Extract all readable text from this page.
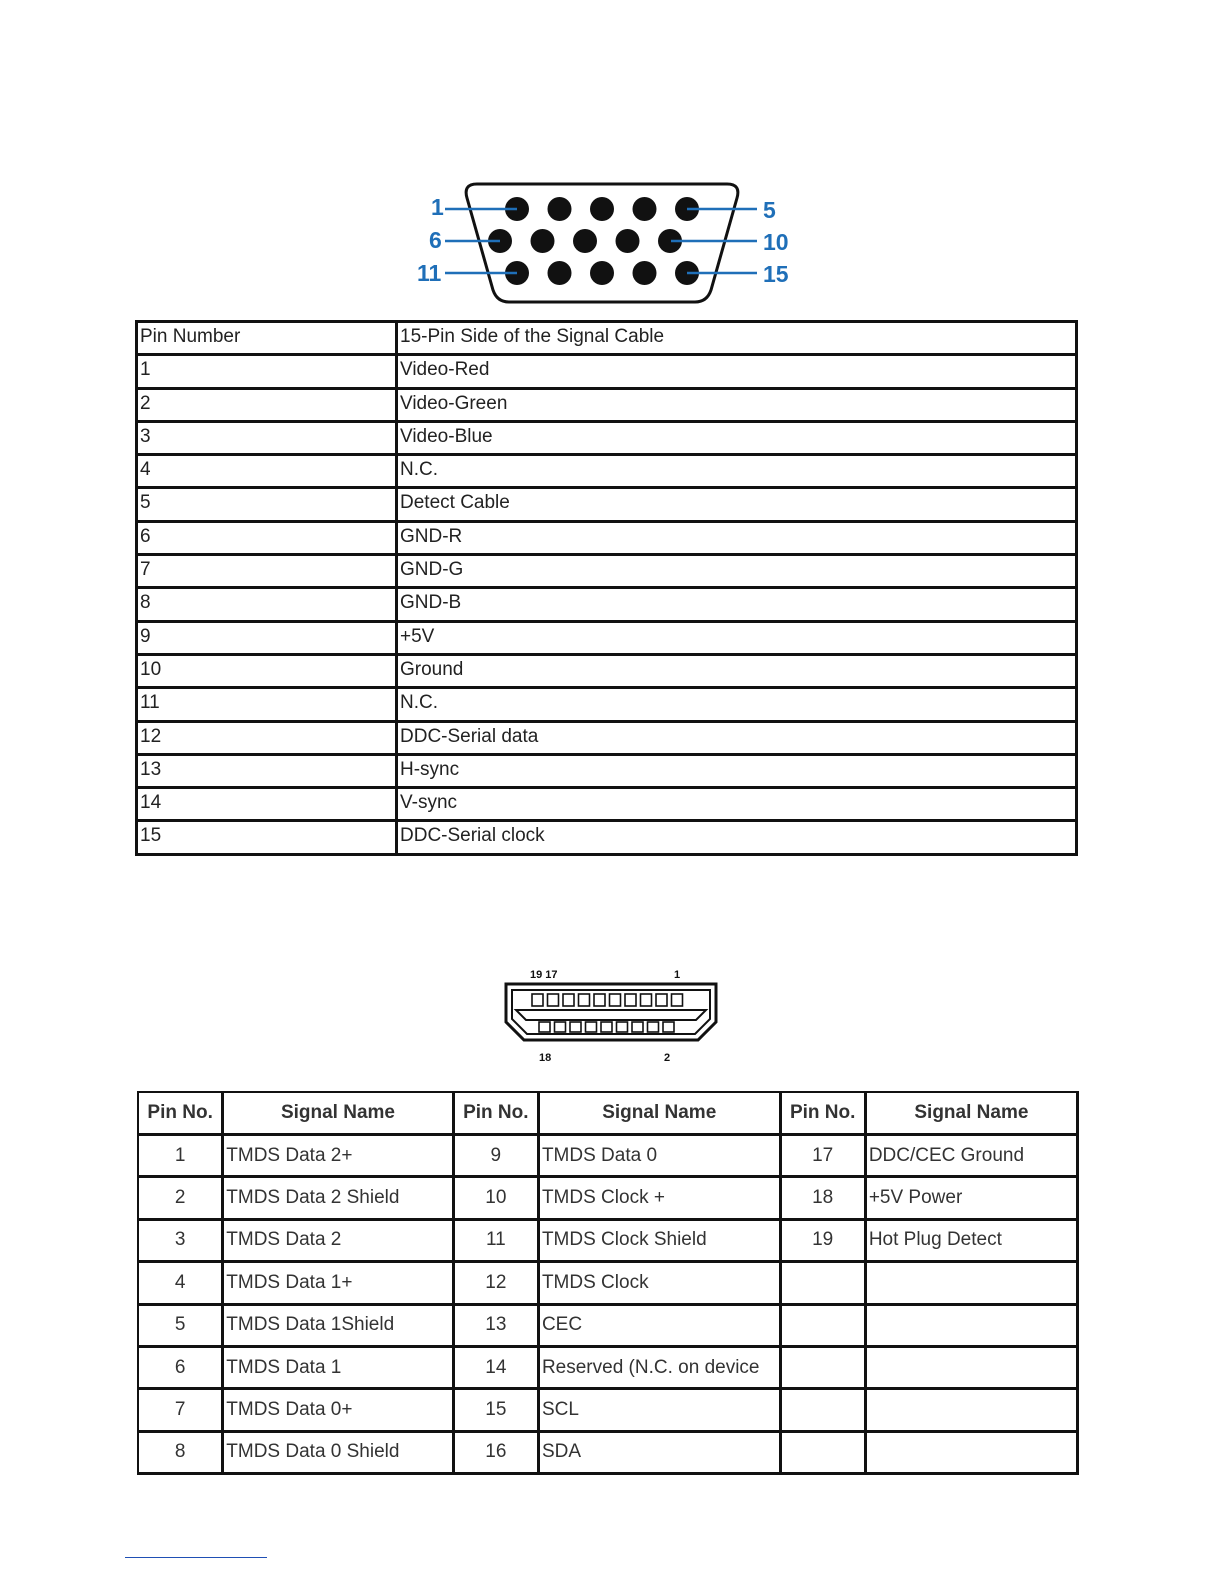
1
6
11
5
10
15
Pin Number	15-Pin Side of the Signal Cable
1	Video-Red
2	Video-Green
3	Video-Blue
4	N.C.
5	Detect Cable
6	GND-R
7	GND-G
8	GND-B
9	+5V
10	Ground
11	N.C.
12	DDC-Serial data
13	H-sync
14	V-sync
15	DDC-Serial clock
19 17	1
18	2
Pin No.	Signal Name	Pin No.	Signal Name	Pin No.	Signal Name
1	TMDS Data 2+	9	TMDS Data 0	17	DDC/CEC Ground
2	TMDS Data 2 Shield	10	TMDS Clock +	18	+5V Power
3	TMDS Data 2	11	TMDS Clock Shield	19	Hot Plug Detect
4	TMDS Data 1+	12	TMDS Clock		
5	TMDS Data 1Shield	13	CEC		
6	TMDS Data 1	14	Reserved (N.C. on device		
7	TMDS Data 0+	15	SCL		
8	TMDS Data 0 Shield	16	SDA		
